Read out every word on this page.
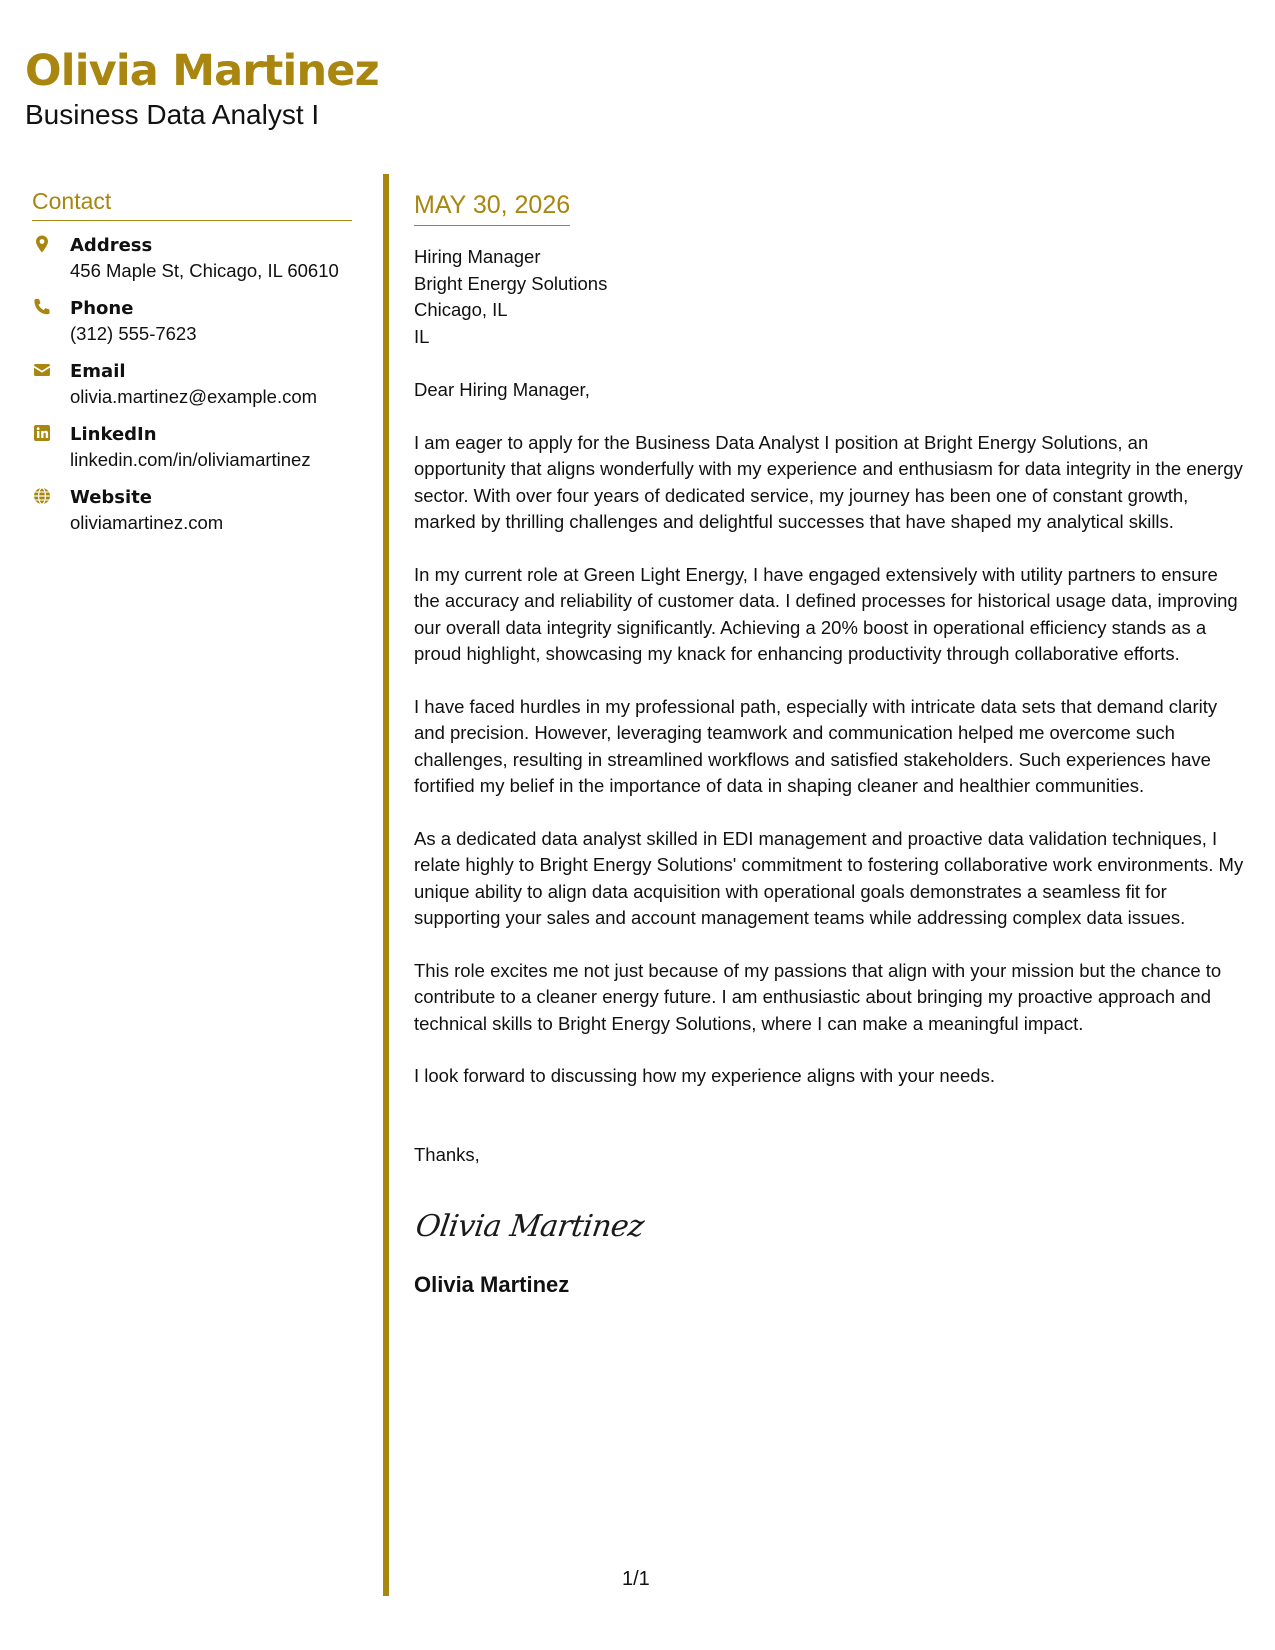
Olivia Martinez
Business Data Analyst I
Contact
Address
456 Maple St, Chicago, IL 60610
Phone
(312) 555-7623
Email
olivia.martinez@example.com
LinkedIn
linkedin.com/in/oliviamartinez
Website
oliviamartinez.com
MAY 30, 2026
Hiring Manager
Bright Energy Solutions
Chicago, IL
IL

Dear Hiring Manager,

I am eager to apply for the Business Data Analyst I position at Bright Energy Solutions, an opportunity that aligns wonderfully with my experience and enthusiasm for data integrity in the energy sector. With over four years of dedicated service, my journey has been one of constant growth, marked by thrilling challenges and delightful successes that have shaped my analytical skills.

In my current role at Green Light Energy, I have engaged extensively with utility partners to ensure the accuracy and reliability of customer data. I defined processes for historical usage data, improving our overall data integrity significantly. Achieving a 20% boost in operational efficiency stands as a proud highlight, showcasing my knack for enhancing productivity through collaborative efforts.

I have faced hurdles in my professional path, especially with intricate data sets that demand clarity and precision. However, leveraging teamwork and communication helped me overcome such challenges, resulting in streamlined workflows and satisfied stakeholders. Such experiences have fortified my belief in the importance of data in shaping cleaner and healthier communities.

As a dedicated data analyst skilled in EDI management and proactive data validation techniques, I relate highly to Bright Energy Solutions' commitment to fostering collaborative work environments. My unique ability to align data acquisition with operational goals demonstrates a seamless fit for supporting your sales and account management teams while addressing complex data issues.

This role excites me not just because of my passions that align with your mission but the chance to contribute to a cleaner energy future. I am enthusiastic about bringing my proactive approach and technical skills to Bright Energy Solutions, where I can make a meaningful impact.

I look forward to discussing how my experience aligns with your needs.

Thanks,

Olivia Martinez
Olivia Martinez
1/1
